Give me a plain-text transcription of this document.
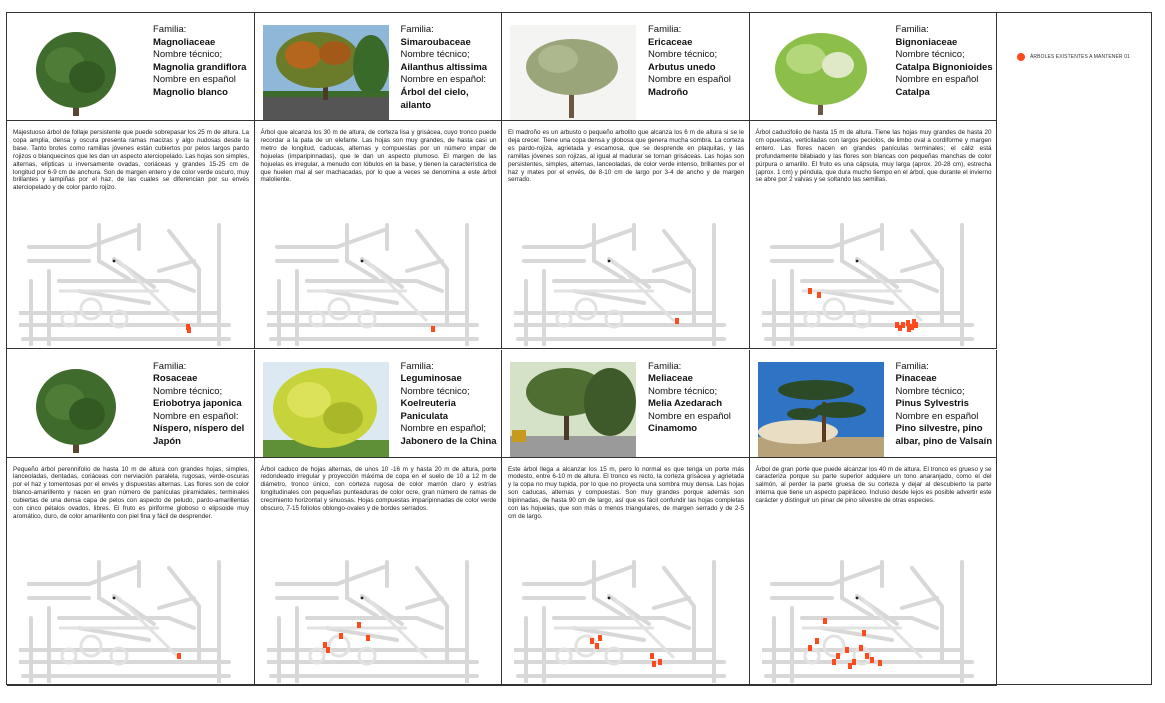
Familia:
Magnoliaceae
Nombre técnico;
Magnolia grandiflora
Nombre en español
Magnolio blanco
Majestuoso árbol de follaje persistente que puede sobrepasar los 25 m de altura. La copa amplia, densa y oscura presenta ramas macizas y algo nudosas desde la base. Tanto brotes como ramillas jóvenes están cubiertos por pelos largos pardo rojizos o blanquecinos que les dan un aspecto aterciopelado. Las hojas son simples, alternas, elípticas u inversamente ovadas, coriáceas y grandes 15-25 cm de longitud por 6-9 cm de anchura. Son de margen entero y de color verde oscuro, muy brillantes y lampiñas por el haz, de las cuales se diferencian por su envés aterciopelado y de color pardo rojizo.
Familia:
Simaroubaceae
Nombre técnico;
Ailanthus altissima
Nombre en español:
Árbol del cielo, ailanto
Árbol que alcanza los 30 m de altura, de corteza lisa y grisácea, cuyo tronco puede recordar a la pata de un elefante. Las hojas son muy grandes, de hasta casi un metro de longitud, caducas, alternas y compuestas por un número impar de hojuelas (imparipinnadas), que le dan un aspecto plumoso. El margen de las hojuelas es irregular, a menudo con lóbulos en la base, y tienen la característica de que huelen mal al ser machacadas, por lo que a veces se denomina a este árbol maloliente.
Familia:
Ericaceae
Nombre técnico;
Arbutus unedo
Nombre en español
Madroño
El madroño es un arbusto o pequeño arbolito que alcanza los 6 m de altura si se le deja crecer. Tiene una copa densa y globosa que genera mucha sombra. La corteza es pardo-rojiza, agrietada y escamosa, que se desprende en plaquitas, y las ramillas jóvenes son rojizas, al igual al madurar se tornan grisáceas. Las hojas son persistentes, simples, alternas, lanceoladas, de color verde intenso, brillantes por el haz y mates por el envés, de 8-10 cm de largo por 3-4 de ancho y de margen serrado.
Familia:
Bignoniaceae
Nombre técnico;
Catalpa Bignonioides
Nombre en español
Catalpa
Árbol caducifolio de hasta 15 m de altura. Tiene las hojas muy grandes de hasta 20 cm opuestas, verticiladas con largos peciolos, de limbo oval a cordiforme y margen entero. Las flores nacen en grandes panículas terminales; el cáliz está profundamente bilabiado y las flores son blancas con pequeñas manchas de color púrpura o amarillo. El fruto es una cápsula, muy larga (aprox. 20-28 cm), estrecha (aprox. 1 cm) y péndula, que dura mucho tiempo en el árbol, que durante el invierno se abre por 2 valvas y se soltando las semillas.
Familia:
Rosaceae
Nombre técnico;
Eriobotrya japonica
Nombre en español:
Níspero, níspero del Japón
Pequeño árbol perennifolio de hasta 10 m de altura con grandes hojas, simples, lanceoladas, dentadas, coriáceas con nerviación paralela, rugosas, verde-oscuras por el haz y tomentosas por el envés y dispuestas alternas. Las flores son de color blanco-amarillento y nacen en gran número de panículas piramidales, terminales cubiertas de una densa capa de pelos con aspecto de peludo, pardo-amarillentas con cinco pétalos ovados, libres. El fruto es piriforme globoso o elipsoide muy aromático, duro, de color amarillento con piel fina y fácil de desprender.
Familia:
Leguminosae
Nombre técnico;
Koelreuteria Paniculata
Nombre en español;
Jabonero de la China
Árbol caduco de hojas alternas, de unos 10 -16 m y hasta 20 m de altura, porte redondeado irregular y proyección máxima de copa en el suelo de 10 a 12 m de diámetro, tronco único, con corteza rugosa de color marrón claro y estrías longitudinales con pequeñas punteaduras de color ocre, gran número de ramas de crecimiento horizontal y sinuosas. Hojas compuestas imparipinnadas de color verde obscuro, 7-15 folíolos oblongo-ovales y de bordes serrados.
Familia:
Meliaceae
Nombre técnico;
Melia Azedarach
Nombre en español
Cinamomo
Este árbol llega a alcanzar los 15 m, pero lo normal es que tenga un porte más modesto, entre 6-10 m de altura. El tronco es recto, la corteza grisácea y agrietada y la copa no muy tupida, por lo que no proyecta una sombra muy densa. Las hojas son caducas, alternas y compuestas. Son muy grandes porque además son bipinnadas, de hasta 90 cm de largo, así que es fácil confundir las hojas completas con las hojuelas, que son más o menos triangulares, de margen serrado y de 2-5 cm de largo.
Familia:
Pinaceae
Nombre técnico;
Pinus Sylvestris
Nombre en español
Pino silvestre, pino albar, pino de Valsaín
Árbol de gran porte que puede alcanzar los 40 m de altura. El tronco es grueso y se caracteriza porque su parte superior adquiere un tono anaranjado, como el del salmón, al perder la parte gruesa de su corteza y dejar al descubierto la parte interna que tiene un aspecto papiráceo. Incluso desde lejos es posible advertir este carácter y distinguir un pinar de pino silvestre de otras especies.
ÁRBOLES EXISTENTES A MANTENER 01
